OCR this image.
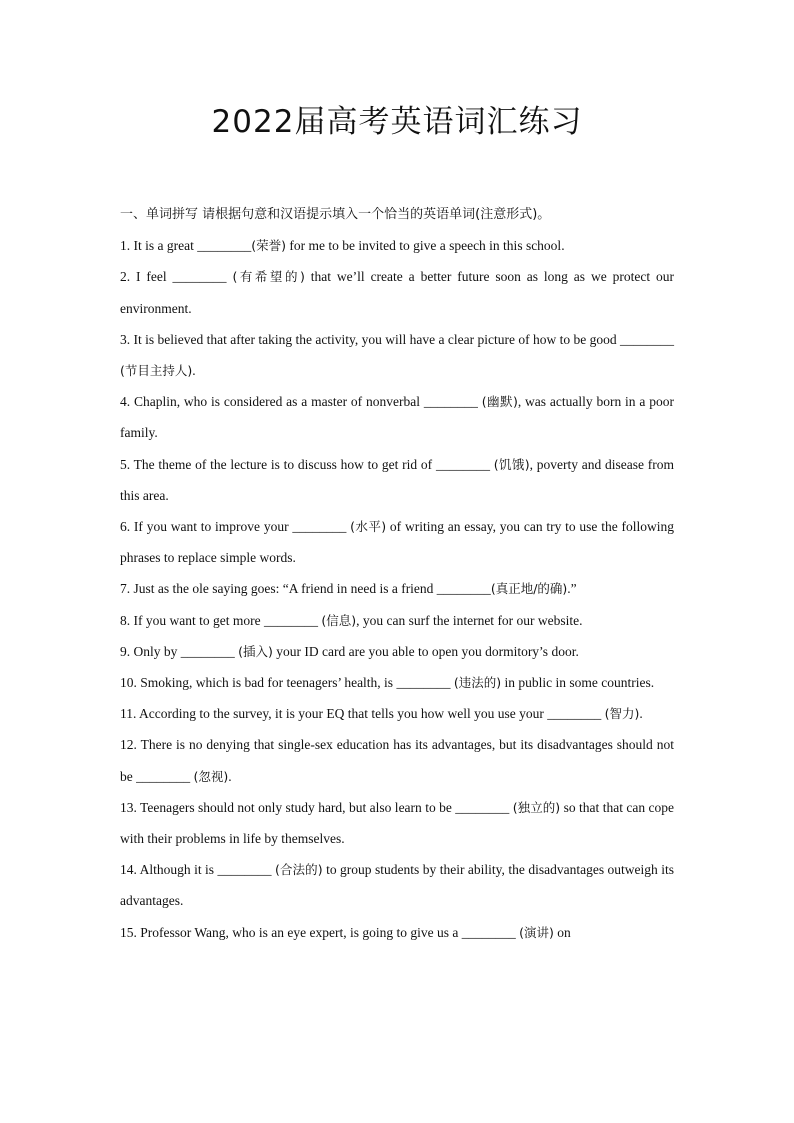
2022届高考英语词汇练习
一、单词拼写 请根据句意和汉语提示填入一个恰当的英语单词(注意形式)。

1. It is a great ________(荣誉) for me to be invited to give a speech in this school.

2. I feel ________ (有希望的) that we’ll create a better future soon as long as we protect our environment.

3. It is believed that after taking the activity, you will have a clear picture of how to be good ________ (节目主持人).

4. Chaplin, who is considered as a master of nonverbal ________ (幽默), was actually born in a poor family.

5. The theme of the lecture is to discuss how to get rid of ________ (饥饿), poverty and disease from this area.

6. If you want to improve your ________ (水平) of writing an essay, you can try to use the following phrases to replace simple words.

7. Just as the ole saying goes: “A friend in need is a friend ________(真正地/的确).”

8. If you want to get more ________ (信息), you can surf the internet for our website.

9. Only by ________ (插入) your ID card are you able to open you dormitory’s door.

10. Smoking, which is bad for teenagers’ health, is ________ (违法的) in public in some countries.

11. According to the survey, it is your EQ that tells you how well you use your ________ (智力).

12. There is no denying that single-sex education has its advantages, but its disadvantages should not be ________ (忽视).

13. Teenagers should not only study hard, but also learn to be ________ (独立的) so that that can cope with their problems in life by themselves.

14. Although it is ________ (合法的) to group students by their ability, the disadvantages outweigh its advantages.

15. Professor Wang, who is an eye expert, is going to give us a ________ (演讲) on
